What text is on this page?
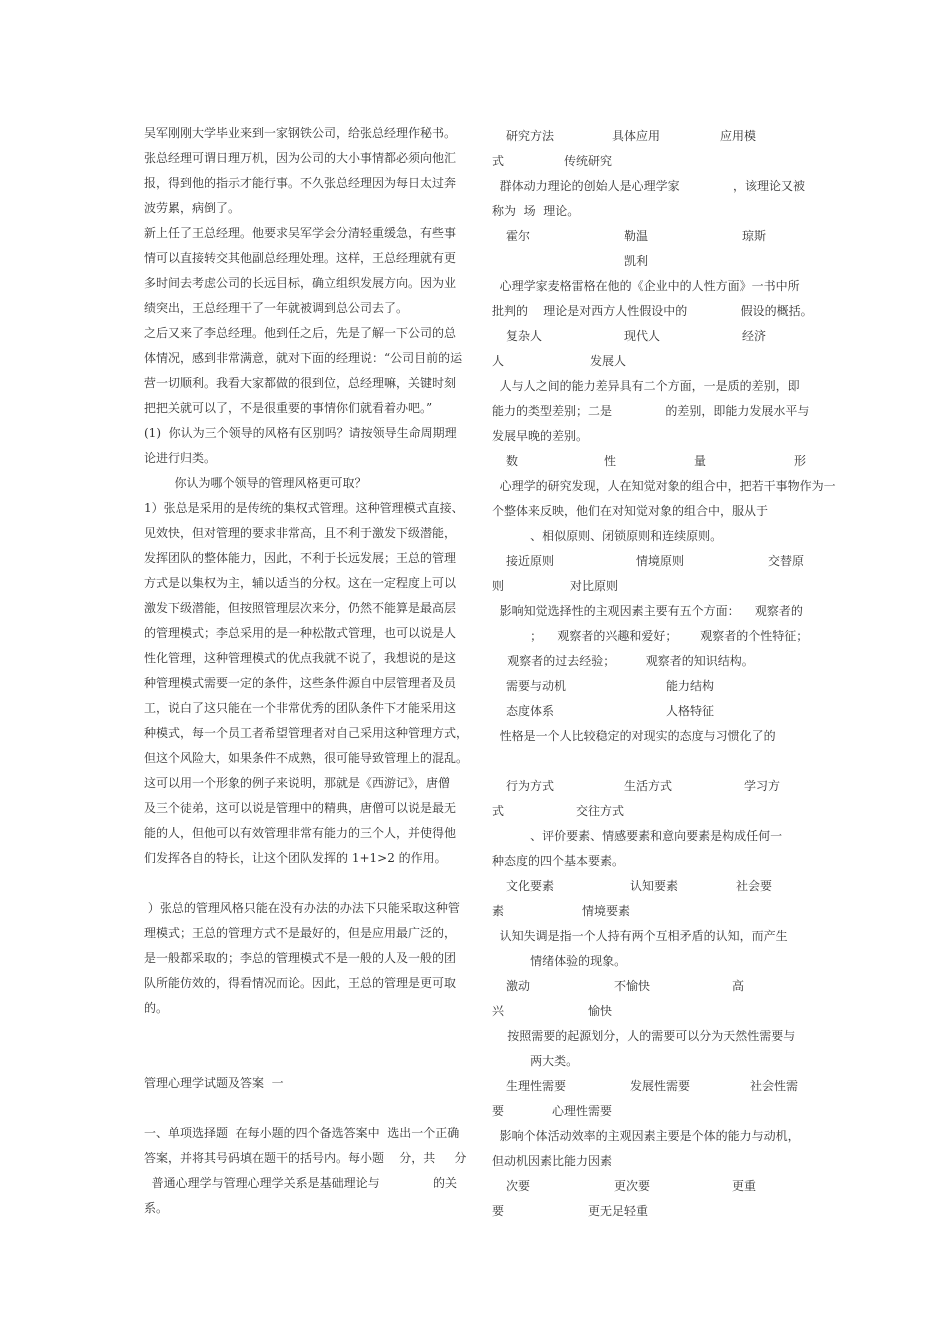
吴军刚刚大学毕业来到一家钢铁公司，给张总经理作秘书。
张总经理可谓日理万机，因为公司的大小事情都必须向他汇
报，得到他的指示才能行事。不久张总经理因为每日太过奔
波劳累，病倒了。
新上任了王总经理。他要求吴军学会分清轻重缓急，有些事
情可以直接转交其他副总经理处理。这样，王总经理就有更
多时间去考虑公司的长远目标，确立组织发展方向。因为业
绩突出，王总经理干了一年就被调到总公司去了。
之后又来了李总经理。他到任之后，先是了解一下公司的总
体情况，感到非常满意，就对下面的经理说：“公司目前的运
营一切顺利。我看大家都做的很到位，总经理嘛，关键时刻
把把关就可以了，不是很重要的事情你们就看着办吧。”
(1)  你认为三个领导的风格有区别吗？请按领导生命周期理
论进行归类。
你认为哪个领导的管理风格更可取？
1）张总是采用的是传统的集权式管理。这种管理模式直接、
见效快，但对管理的要求非常高，且不利于激发下级潜能，
发挥团队的整体能力，因此，不利于长远发展；王总的管理
方式是以集权为主，辅以适当的分权。这在一定程度上可以
激发下级潜能，但按照管理层次来分，仍然不能算是最高层
的管理模式；李总采用的是一种松散式管理，也可以说是人
性化管理，这种管理模式的优点我就不说了，我想说的是这
种管理模式需要一定的条件，这些条件源自中层管理者及员
工，说白了这只能在一个非常优秀的团队条件下才能采用这
种模式，每一个员工者希望管理者对自己采用这种管理方式，
但这个风险大，如果条件不成熟，很可能导致管理上的混乱。
这可以用一个形象的例子来说明，那就是《西游记》，唐僧
及三个徒弟，这可以说是管理中的精典，唐僧可以说是最无
能的人，但他可以有效管理非常有能力的三个人，并使得他
们发挥各自的特长，让这个团队发挥的 1+1>2 的作用。
）张总的管理风格只能在没有办法的办法下只能采取这种管
理模式；王总的管理方式不是最好的，但是应用最广泛的，
是一般都采取的；李总的管理模式不是一般的人及一般的团
队所能仿效的，得看情况而论。因此，王总的管理是更可取
的。
管理心理学试题及答案  一
一、单项选择题  在每小题的四个备选答案中  选出一个正确
答案，并将其号码填在题干的括号内。每小题    分，共     分
普通心理学与管理心理学关系是基础理论与              的关
系。
研究方法	具体应用	应用模
式	传统研究
群体动力理论的创始人是心理学家              ，该理论又被
称为  场  理论。
霍尔	勒温	琼斯
凯利
心理学家麦格雷格在他的《企业中的人性方面》一书中所
批判的    理论是对西方人性假设中的              假设的概括。
复杂人	现代人	经济
人	发展人
人与人之间的能力差异具有二个方面，一是质的差别，即
能力的类型差别；二是              的差别，即能力发展水平与
发展早晚的差别。
数	性	量	形
心理学的研究发现，人在知觉对象的组合中，把若干事物作为一
个整体来反映，他们在对知觉对象的组合中，服从于
、相似原则、闭锁原则和连续原则。
接近原则	情境原则	交替原
则	对比原则
影响知觉选择性的主观因素主要有五个方面：    观察者的
；    观察者的兴趣和爱好；      观察者的个性特征；
观察者的过去经验；        观察者的知识结构。
需要与动机	能力结构
态度体系	人格特征
性格是一个人比较稳定的对现实的态度与习惯化了的
行为方式	生活方式	学习方
式	交往方式
、评价要素、情感要素和意向要素是构成任何一
种态度的四个基本要素。
文化要素	认知要素	社会要
素	情境要素
认知失调是指一个人持有两个互相矛盾的认知，而产生
情绪体验的现象。
激动	不愉快	高
兴	愉快
按照需要的起源划分，人的需要可以分为天然性需要与
两大类。
生理性需要	发展性需要	社会性需
要	心理性需要
影响个体活动效率的主观因素主要是个体的能力与动机，
但动机因素比能力因素
次要	更次要	更重
要	更无足轻重
